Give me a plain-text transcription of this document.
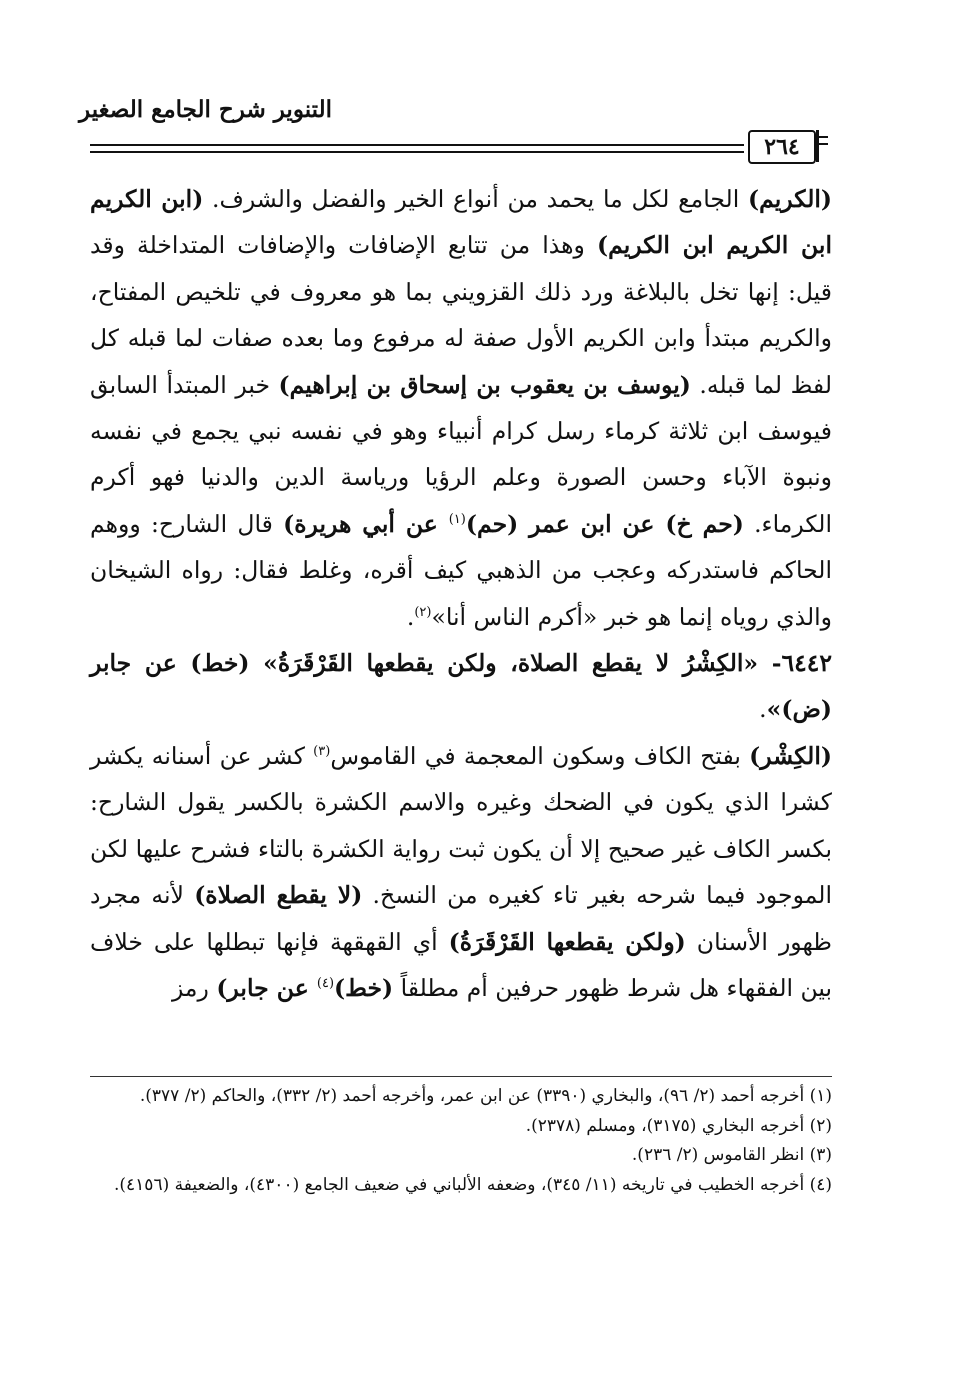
التنوير شرح الجامع الصغير
٢٦٤

(الكريم) الجامع لكل ما يحمد من أنواع الخير والفضل والشرف. (ابن الكريم ابن الكريم ابن الكريم) وهذا من تتابع الإضافات والإضافات المتداخلة وقد قيل: إنها تخل بالبلاغة ورد ذلك القزويني بما هو معروف في تلخيص المفتاح، والكريم مبتدأ وابن الكريم الأول صفة له مرفوع وما بعده صفات لما قبله كل لفظ لما قبله. (يوسف بن يعقوب بن إسحاق بن إبراهيم) خبر المبتدأ السابق فيوسف ابن ثلاثة كرماء رسل كرام أنبياء وهو في نفسه نبي يجمع في نفسه ونبوة الآباء وحسن الصورة وعلم الرؤيا ورياسة الدين والدنيا فهو أكرم الكرماء. (حم خ) عن ابن عمر (حم)$^{(١)}$ عن أبي هريرة) قال الشارح: ووهم الحاكم فاستدركه وعجب من الذهبي كيف أقره، وغلط فقال: رواه الشيخان والذي روياه إنما هو خبر «أكرم الناس أنا»$^{(٢)}$.

٦٤٤٢- «الكِشْرُ لا يقطع الصلاة، ولكن يقطعها القَرْقَرَةُ» (خط) عن جابر (ض)».

(الكِشْر) بفتح الكاف وسكون المعجمة في القاموس$^{(٣)}$ كشر عن أسنانه يكشر كشرا الذي يكون في الضحك وغيره والاسم الكشرة بالكسر يقول الشارح: بكسر الكاف غير صحيح إلا أن يكون ثبت رواية الكشرة بالتاء فشرح عليها لكن الموجود فيما شرحه بغير تاء كغيره من النسخ. (لا يقطع الصلاة) لأنه مجرد ظهور الأسنان (ولكن يقطعها القَرْقَرَةُ) أي القهقهة فإنها تبطلها على خلاف بين الفقهاء هل شرط ظهور حرفين أم مطلقاً (خط)$^{(٤)}$ عن جابر) رمز

(١) أخرجه أحمد (٢/ ٩٦)، والبخاري (٣٣٩٠) عن ابن عمر، وأخرجه أحمد (٢/ ٣٣٢)، والحاكم (٢/ ٣٧٧).

(٢) أخرجه البخاري (٣١٧٥)، ومسلم (٢٣٧٨).

(٣) انظر القاموس (٢/ ٢٣٦).

(٤) أخرجه الخطيب في تاريخه (١١/ ٣٤٥)، وضعفه الألباني في ضعيف الجامع (٤٣٠٠)، والضعيفة (٤١٥٦).
